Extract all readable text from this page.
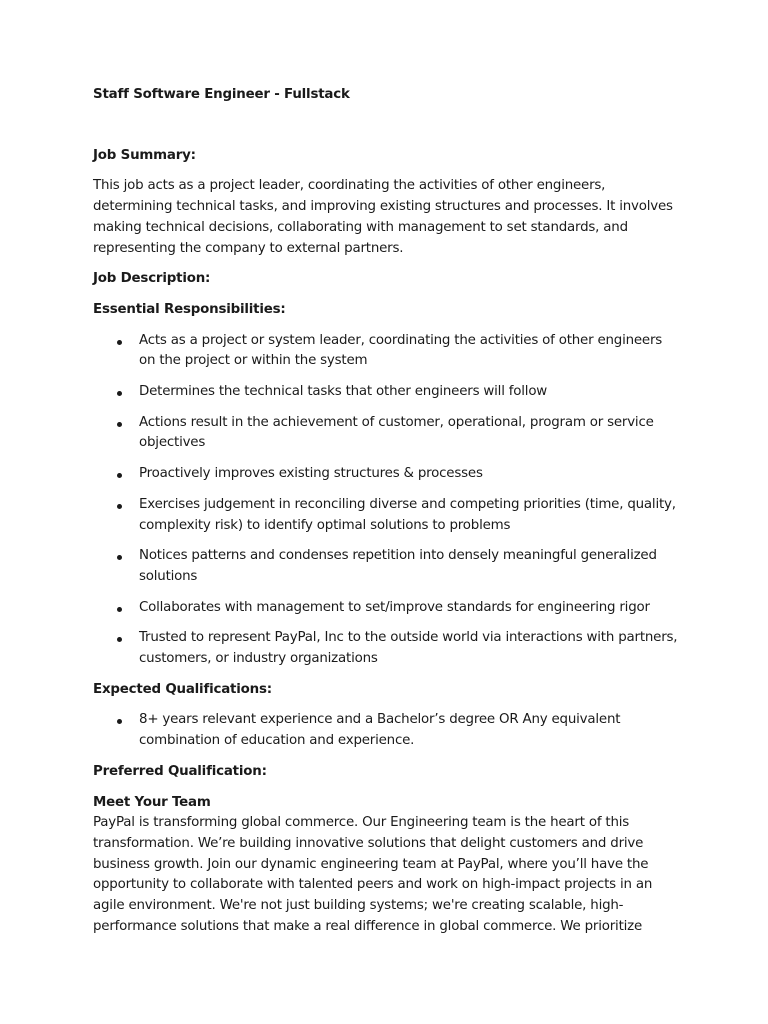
Staff Software Engineer - Fullstack

Job Summary:

This job acts as a project leader, coordinating the activities of other engineers, determining technical tasks, and improving existing structures and processes. It involves making technical decisions, collaborating with management to set standards, and representing the company to external partners.

Job Description:

Essential Responsibilities:

Acts as a project or system leader, coordinating the activities of other engineers on the project or within the system
Determines the technical tasks that other engineers will follow
Actions result in the achievement of customer, operational, program or service objectives
Proactively improves existing structures & processes
Exercises judgement in reconciling diverse and competing priorities (time, quality, complexity risk) to identify optimal solutions to problems
Notices patterns and condenses repetition into densely meaningful generalized solutions
Collaborates with management to set/improve standards for engineering rigor
Trusted to represent PayPal, Inc to the outside world via interactions with partners, customers, or industry organizations

Expected Qualifications:

8+ years relevant experience and a Bachelor’s degree OR Any equivalent combination of education and experience.

Preferred Qualification:

Meet Your Team

PayPal is transforming global commerce. Our Engineering team is the heart of this transformation. We’re building innovative solutions that delight customers and drive business growth. Join our dynamic engineering team at PayPal, where you’ll have the opportunity to collaborate with talented peers and work on high-impact projects in an agile environment. We're not just building systems; we're creating scalable, high-performance solutions that make a real difference in global commerce. We prioritize
